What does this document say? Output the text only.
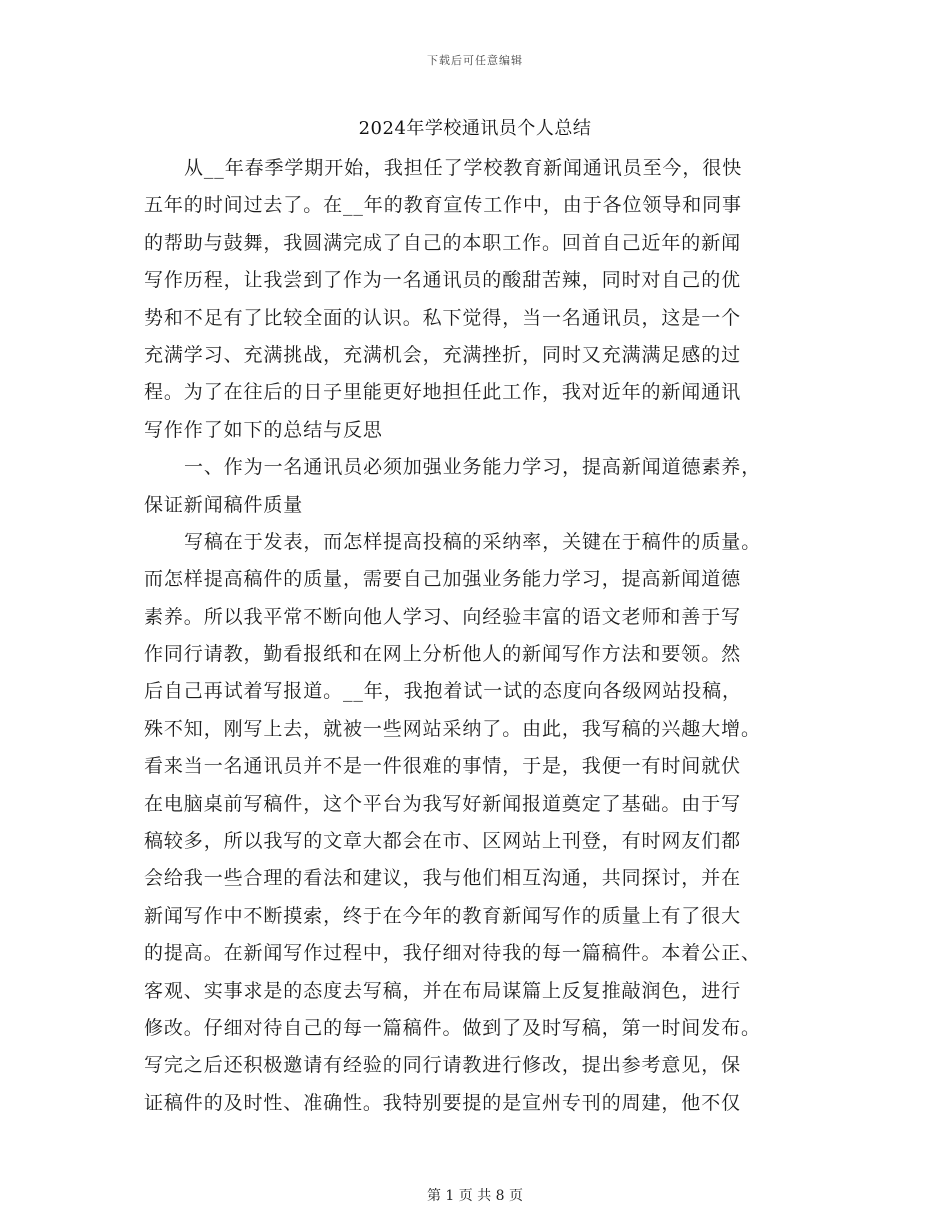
下载后可任意编辑
2024年学校通讯员个人总结
从__年春季学期开始，我担任了学校教育新闻通讯员至今，很快
五年的时间过去了。在__年的教育宣传工作中，由于各位领导和同事
的帮助与鼓舞，我圆满完成了自己的本职工作。回首自己近年的新闻
写作历程，让我尝到了作为一名通讯员的酸甜苦辣，同时对自己的优
势和不足有了比较全面的认识。私下觉得，当一名通讯员，这是一个
充满学习、充满挑战，充满机会，充满挫折，同时又充满满足感的过
程。为了在往后的日子里能更好地担任此工作，我对近年的新闻通讯
写作作了如下的总结与反思
一、作为一名通讯员必须加强业务能力学习，提高新闻道德素养，
保证新闻稿件质量
写稿在于发表，而怎样提高投稿的采纳率，关键在于稿件的质量。
而怎样提高稿件的质量，需要自己加强业务能力学习，提高新闻道德
素养。所以我平常不断向他人学习、向经验丰富的语文老师和善于写
作同行请教，勤看报纸和在网上分析他人的新闻写作方法和要领。然
后自己再试着写报道。__年，我抱着试一试的态度向各级网站投稿，
殊不知，刚写上去，就被一些网站采纳了。由此，我写稿的兴趣大增。
看来当一名通讯员并不是一件很难的事情，于是，我便一有时间就伏
在电脑桌前写稿件，这个平台为我写好新闻报道奠定了基础。由于写
稿较多，所以我写的文章大都会在市、区网站上刊登，有时网友们都
会给我一些合理的看法和建议，我与他们相互沟通，共同探讨，并在
新闻写作中不断摸索，终于在今年的教育新闻写作的质量上有了很大
的提高。在新闻写作过程中，我仔细对待我的每一篇稿件。本着公正、
客观、实事求是的态度去写稿，并在布局谋篇上反复推敲润色，进行
修改。仔细对待自己的每一篇稿件。做到了及时写稿，第一时间发布。
写完之后还积极邀请有经验的同行请教进行修改，提出参考意见，保
证稿件的及时性、准确性。我特别要提的是宣州专刊的周建，他不仅
第 1 页 共 8 页
